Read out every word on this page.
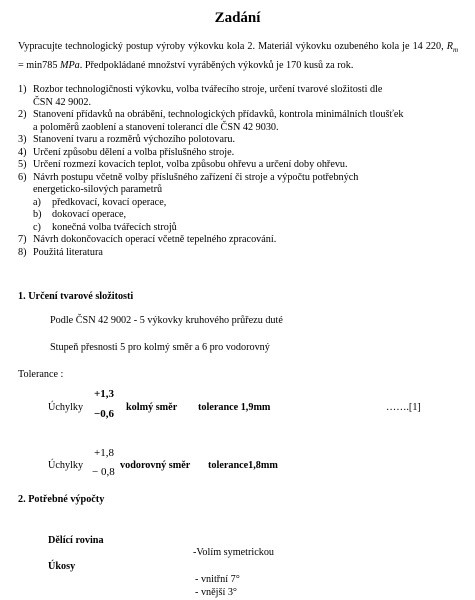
Zadání
Vypracujte technologický postup výroby výkovku kola 2. Materiál výkovku ozubeného kola je 14 220, $R_m = \min 785$ MPa. Předpokládané množství vyráběných výkovků je 170 kusů za rok.
1) Rozbor technologičnosti výkovku, volba tvářecího stroje, určení tvarové složitosti dle
ČSN 42 9002.
2) Stanovení přídavků na obrábění, technologických přídavků, kontrola minimálních tloušťek
a poloměrů zaoblení a stanovení tolerancí dle ČSN 42 9030.
3) Stanovení tvaru a rozměrů výchozího polotovaru.
4) Určení způsobu dělení a volba příslušného stroje.
5) Určení rozmezí kovacích teplot, volba způsobu ohřevu a určení doby ohřevu.
6) Návrh postupu včetně volby příslušného zařízení či stroje a výpočtu potřebných
energeticko-silových parametrů
a) předkovací, kovací operace,
b) dokovací operace,
c) konečná volba tvářecích strojů
7) Návrh dokončovacích operací včetně tepelného zpracování.
8) Použitá literatura
1. Určení tvarové složitosti
Podle ČSN 42 9002 - 5 výkovky kruhového průřezu duté
Stupeň přesnosti 5 pro kolmý směr a 6 pro vodorovný
Tolerance :
Úchylky
+1,3
−0,6
kolmý směr tolerance 1,9mm	…….[1]
Úchylky
+1,8
− 0,8
vodorovný směr tolerance1,8mm
2. Potřebné výpočty
Dělící rovina
-Volím symetrickou
Úkosy
- vnitřní 7°
- vnější 3°
